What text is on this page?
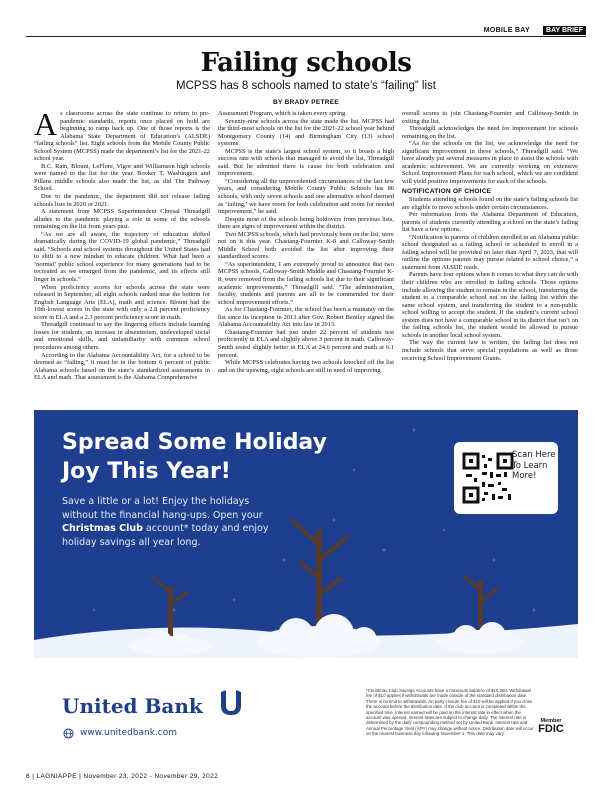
MOBILE BAY	BAY BRIEF
Failing schools
MCPSS has 8 schools named to state’s “failing” list
BY BRADY PETREE
A s classrooms across the state continue to return to pre-pandemic standards, reports once placed on hold are beginning to ramp back up. One of those reports is the Alabama State Department of Education’s (ALSDE) “failing schools” list. Eight schools from the Mobile County Public School System (MCPSS) made the department’s list for the 2021-22 school year.

B.C. Rain, Blount, LeFlore, Vigor and Williamson high schools were named to the list for the year. Booker T. Washington and Pillans middle schools also made the list, as did The Pathway School.

Due to the pandemic, the department did not release failing schools lists in 2020 or 2021.

A statement from MCPSS Superintendent Chresal Threadgill alludes to the pandemic playing a role in some of the schools remaining on the list from years past.

“As we are all aware, the trajectory of education shifted dramatically during the COVID-19 global pandemic,” Threadgill said. “Schools and school systems throughout the United States had to shift to a new mindset to educate children. What had been a ‘normal’ public school experience for many generations had to be recreated as we emerged from the pandemic, and its effects still linger in schools.”

When proficiency scores for schools across the state were released in September, all eight schools ranked near the bottom for English Language Arts (ELA), math and science. Blount had the 10th-lowest scores in the state with only a 2.8 percent proficiency score in ELA and a 2.3 percent proficiency score in math.

Threadgill continued to say the lingering effects include learning losses for students, an increase in absenteeism, undeveloped social and emotional skills, and unfamiliarity with common school procedures among others.

According to the Alabama Accountability Act, for a school to be deemed as “failing,” it must be in the bottom 6 percent of public Alabama schools based on the state’s standardized assessments in ELA and math. That assessment is the Alabama Comprehensive

Assessment Program, which is taken every spring.

Seventy-nine schools across the state made the list. MCPSS had the third-most schools on the list for the 2021-22 school year behind Montgomery County (14) and Birmingham City (13) school systems.

MCPSS is the state’s largest school system, so it boasts a high success rate with schools that managed to avoid the list, Threadgill said. But he admitted there is cause for both celebration and improvement.

“Considering all the unprecedented circumstances of the last few years, and considering Mobile County Public Schools has 86 schools, with only seven schools and one alternative school deemed as ‘failing,’ we have room for both celebration and room for needed improvement,” he said.

Despite most of the schools being holdovers from previous lists, there are signs of improvement within the district.

Two MCPSS schools, which had previously been on the list, were not on it this year. Chastang-Fournier K-8 and Calloway-Smith Middle School both avoided the list after improving their standardized scores.

“As superintendent, I am extremely proud to announce that two MCPSS schools, Calloway-Smith Middle and Chastang-Fournier K-8, were removed from the failing schools list due to their significant academic improvements,” Threadgill said. “The administration, faculty, students and parents are all to be commended for their school improvement efforts.”

As for Chastang-Fournier, the school has been a mainstay on the list since its inception in 2013 after Gov. Robert Bentley signed the Alabama Accountability Act into law in 2013.

Chastang-Fournier had just under 22 percent of students test proficiently in ELA and slightly above 3 percent in math. Calloway-Smith tested slightly better in ELA at 24.6 percent and math at 6.1 percent.

While MCPSS celebrates having two schools knocked off the list and on the upswing, eight schools are still in need of improving

overall scores to join Chastang-Fournier and Calloway-Smith in exiting the list.

Threadgill acknowledges the need for improvement for schools remaining on the list.

“As for the schools on the list, we acknowledge the need for significant improvement in these schools,” Threadgill said. “We have already put several measures in place to assist the schools with academic achievement. We are currently working on extensive School Improvement Plans for each school, which we are confident will yield positive improvements for each of the schools.

NOTIFICATION OF CHOICE

Students attending schools found on the state’s failing schools list are eligible to move schools under certain circumstances.

Per information from the Alabama Department of Education, parents of students currently attending a school on the state’s failing list have a few options.

“Notification to parents of children enrolled in an Alabama public school designated as a failing school or scheduled to enroll in a failing school will be provided no later than April 7, 2023, that will outline the options parents may pursue related to school choice,” a statement from ALSDE reads.

Parents have four options when it comes to what they can do with their children who are enrolled in failing schools. Those options include allowing the student to remain in the school, transferring the student to a comparable school not on the failing list within the same school system, and transferring the student to a non-public school willing to accept the student. If the student’s current school system does not have a comparable school in its district that isn’t on the failing schools list, the student would be allowed to pursue schools in another local school system.

The way the current law is written, the failing list does not include schools that serve special populations as well as those receiving School Improvement Grants.

Spread Some Holiday
Joy This Year!
Save a little or a lot! Enjoy the holidays without the financial hang-ups. Open your Christmas Club account* today and enjoy holiday savings all year long.
Scan Here To Learn More!
United Bank
www.unitedbank.com
*Christmas Club Savings Accounts have a maximum balance of $10,000. Withdrawal fee of $10 applies if withdrawals are made outside of the standard distribution date. There is no limit to withdrawals. An early closure fee of $10 will be applied if you close the account before the distribution date. If the club account is completed within the specified time, interest earned will be paid on the interest rate in effect when the account was opened. Interest rates are subject to change daily. The interest rate is determined by the daily compounding method set by United Bank. Interest rate and Annual Percentage Yield (APY) may change without notice. Distribution date will occur on the nearest business day following November 1. This date may vary.
Member
FDIC
6 | LAGNIAPPE | November 23, 2022 - November 29, 2022
